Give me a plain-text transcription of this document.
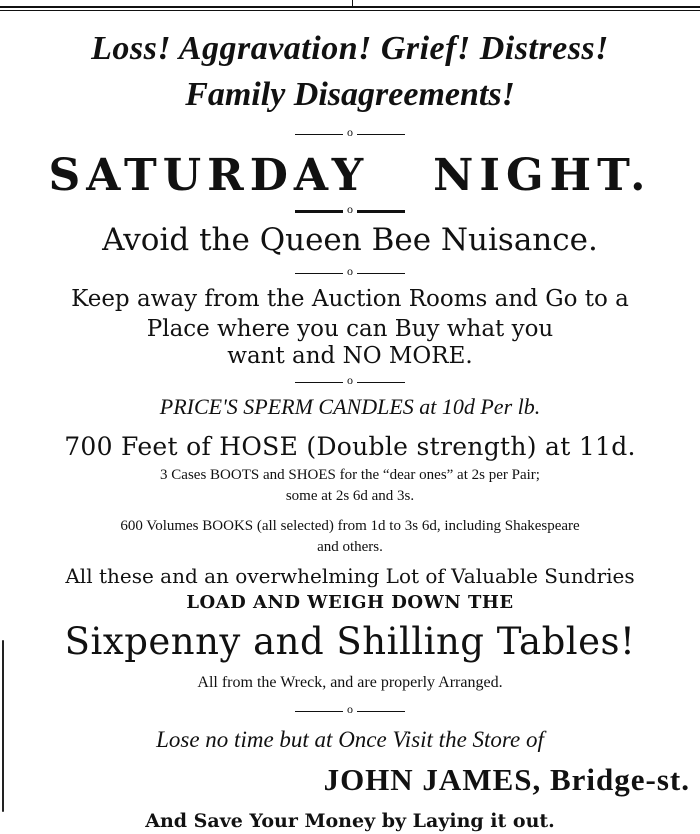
Loss! Aggravation! Grief! Distress!
Family Disagreements!
o
SATURDAY   NIGHT.
o
Avoid the Queen Bee Nuisance.
o
Keep away from the Auction Rooms and Go to a
Place where you can Buy what you
want and NO MORE.
o
PRICE'S SPERM CANDLES at 10d Per lb.
700 Feet of HOSE (Double strength) at 11d.
3 Cases BOOTS and SHOES for the “dear ones” at 2s per Pair;
some at 2s 6d and 3s.
600 Volumes BOOKS (all selected) from 1d to 3s 6d, including Shakespeare
and others.
All these and an overwhelming Lot of Valuable Sundries
LOAD AND WEIGH DOWN THE
Sixpenny and Shilling Tables!
All from the Wreck, and are properly Arranged.
o
Lose no time but at Once Visit the Store of
JOHN JAMES, Bridge-st.
And Save Your Money by Laying it out.
